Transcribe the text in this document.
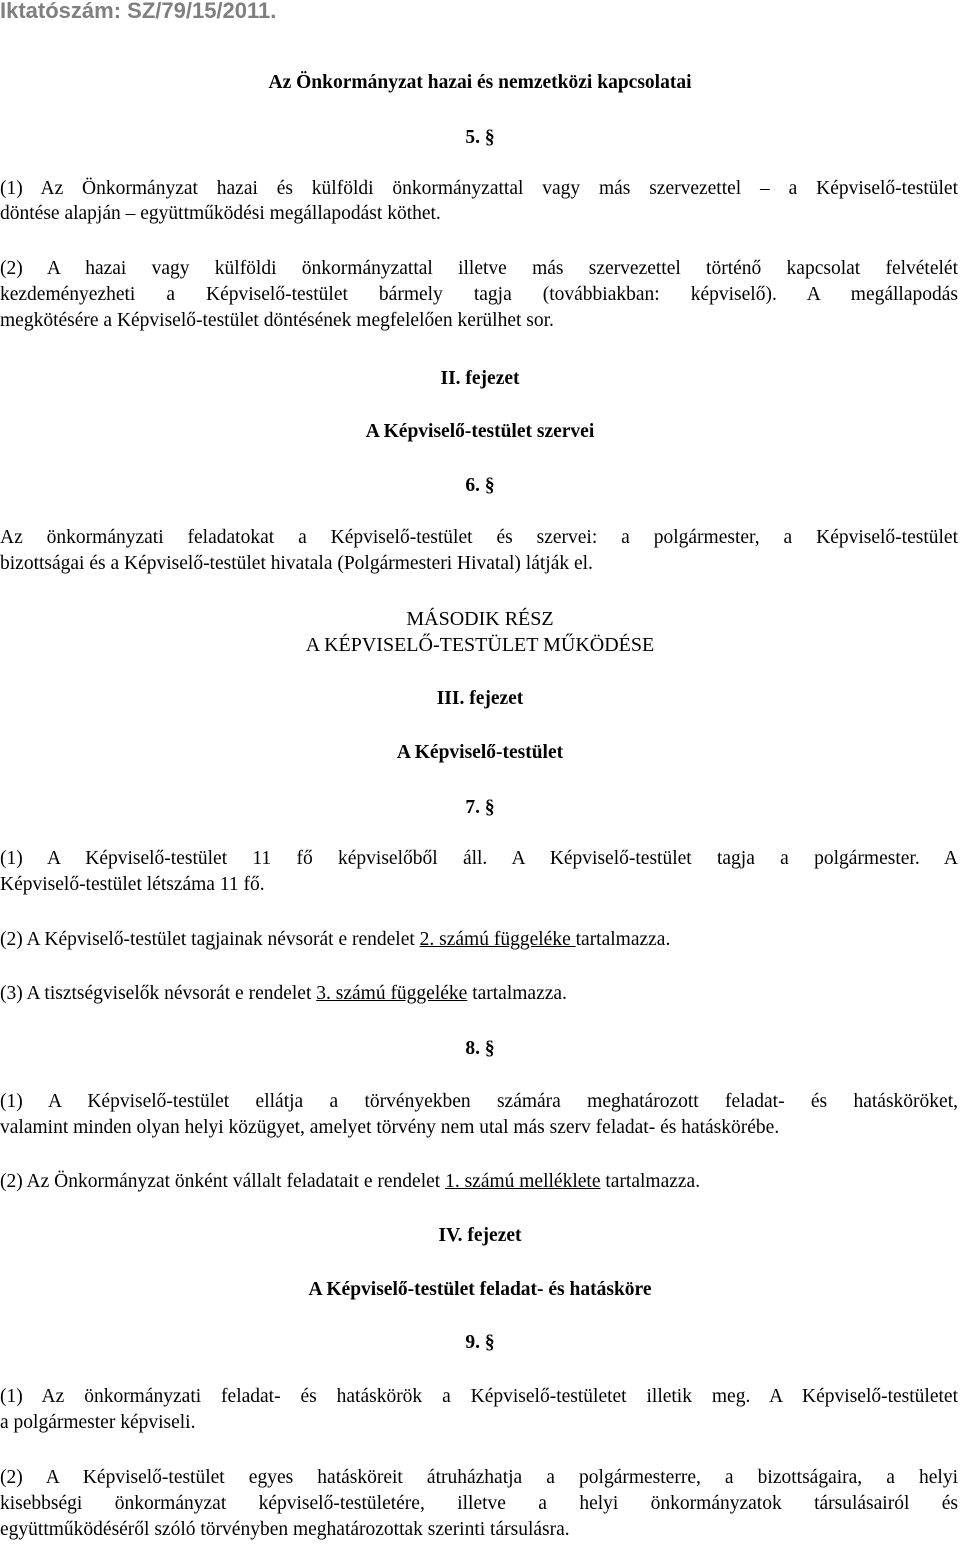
Iktatószám: SZ/79/15/2011.
Az Önkormányzat hazai és nemzetközi kapcsolatai
5. §
(1) Az Önkormányzat hazai és külföldi önkormányzattal vagy más szervezettel – a Képviselő-testület
döntése alapján – együttműködési megállapodást köthet.
(2) A hazai vagy külföldi önkormányzattal illetve más szervezettel történő kapcsolat felvételét
kezdeményezheti a Képviselő-testület bármely tagja (továbbiakban: képviselő). A megállapodás
megkötésére a Képviselő-testület döntésének megfelelően kerülhet sor.
II. fejezet
A Képviselő-testület szervei
6. §
Az önkormányzati feladatokat a Képviselő-testület és szervei: a polgármester, a Képviselő-testület
bizottságai és a Képviselő-testület hivatala (Polgármesteri Hivatal) látják el.
MÁSODIK RÉSZ
A KÉPVISELŐ-TESTÜLET MŰKÖDÉSE
III. fejezet
A Képviselő-testület
7. §
(1) A Képviselő-testület 11 fő képviselőből áll. A Képviselő-testület tagja a polgármester. A
Képviselő-testület létszáma 11 fő.
(2) A Képviselő-testület tagjainak névsorát e rendelet 2. számú függeléke tartalmazza.
(3) A tisztségviselők névsorát e rendelet 3. számú függeléke tartalmazza.
8. §
(1) A Képviselő-testület ellátja a törvényekben számára meghatározott feladat- és hatásköröket,
valamint minden olyan helyi közügyet, amelyet törvény nem utal más szerv feladat- és hatáskörébe.
(2) Az Önkormányzat önként vállalt feladatait e rendelet 1. számú melléklete tartalmazza.
IV. fejezet
A Képviselő-testület feladat- és hatásköre
9. §
(1) Az önkormányzati feladat- és hatáskörök a Képviselő-testületet illetik meg. A Képviselő-testületet
a polgármester képviseli.
(2) A Képviselő-testület egyes hatásköreit átruházhatja a polgármesterre, a bizottságaira, a helyi
kisebbségi önkormányzat képviselő-testületére, illetve a helyi önkormányzatok társulásairól és
együttműködéséről szóló törvényben meghatározottak szerinti társulásra.
